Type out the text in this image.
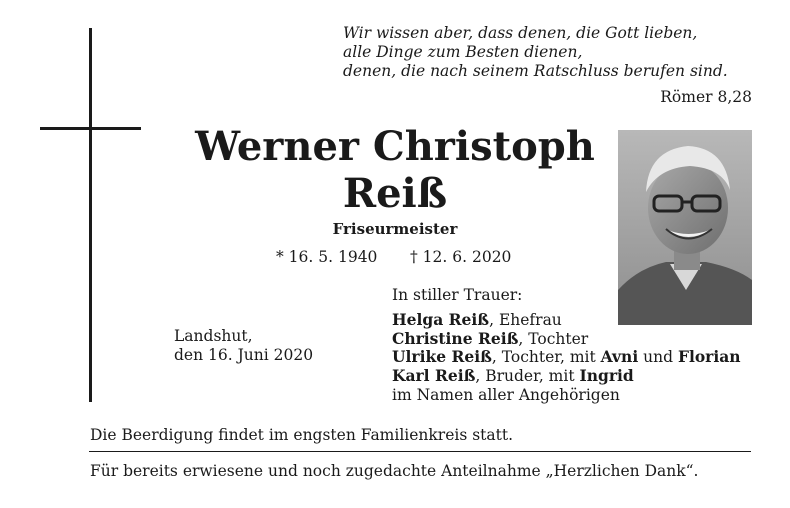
Wir wissen aber, dass denen, die Gott lieben,
alle Dinge zum Besten dienen,
denen, die nach seinem Ratschluss berufen sind.
Römer 8,28
Werner Christoph
Reiß
Friseurmeister
* 16. 5. 1940 † 12. 6. 2020
Landshut,
den 16. Juni 2020
In stiller Trauer:
Helga Reiß, Ehefrau
Christine Reiß, Tochter
Ulrike Reiß, Tochter, mit Avni und Florian
Karl Reiß, Bruder, mit Ingrid
im Namen aller Angehörigen
Die Beerdigung findet im engsten Familienkreis statt.
Für bereits erwiesene und noch zugedachte Anteilnahme „Herzlichen Dank“.
